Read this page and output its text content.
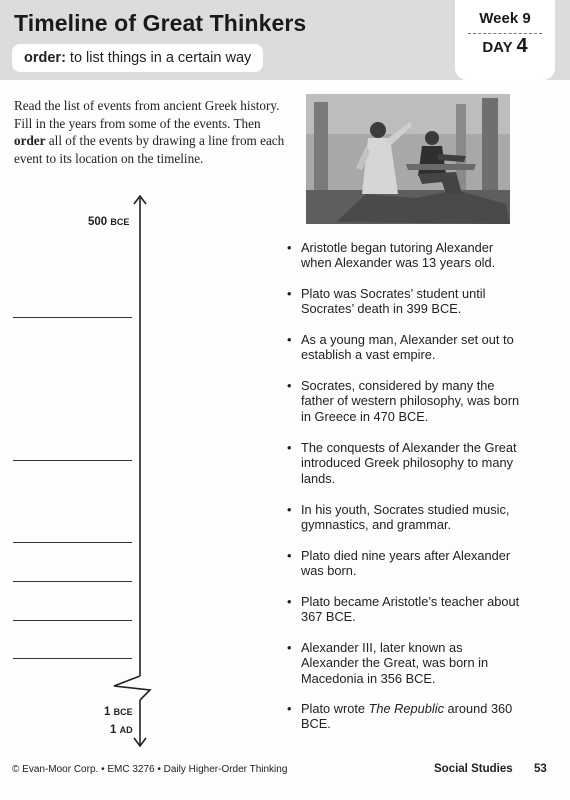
Timeline of Great Thinkers
order: to list things in a certain way
Week 9
DAY 4
Read the list of events from ancient Greek history. Fill in the years from some of the events. Then order all of the events by drawing a line from each event to its location on the timeline.
500 BCE
1 BCE
1 AD
• Aristotle began tutoring Alexander when Alexander was 13 years old.
• Plato was Socrates’ student until Socrates’ death in 399 BCE.
• As a young man, Alexander set out to establish a vast empire.
• Socrates, considered by many the father of western philosophy, was born in Greece in 470 BCE.
• The conquests of Alexander the Great introduced Greek philosophy to many lands.
• In his youth, Socrates studied music, gymnastics, and grammar.
• Plato died nine years after Alexander was born.
• Plato became Aristotle’s teacher about 367 BCE.
• Alexander III, later known as Alexander the Great, was born in Macedonia in 356 BCE.
• Plato wrote The Republic around 360 BCE.
© Evan-Moor Corp. • EMC 3276 • Daily Higher-Order Thinking	Social Studies 53
